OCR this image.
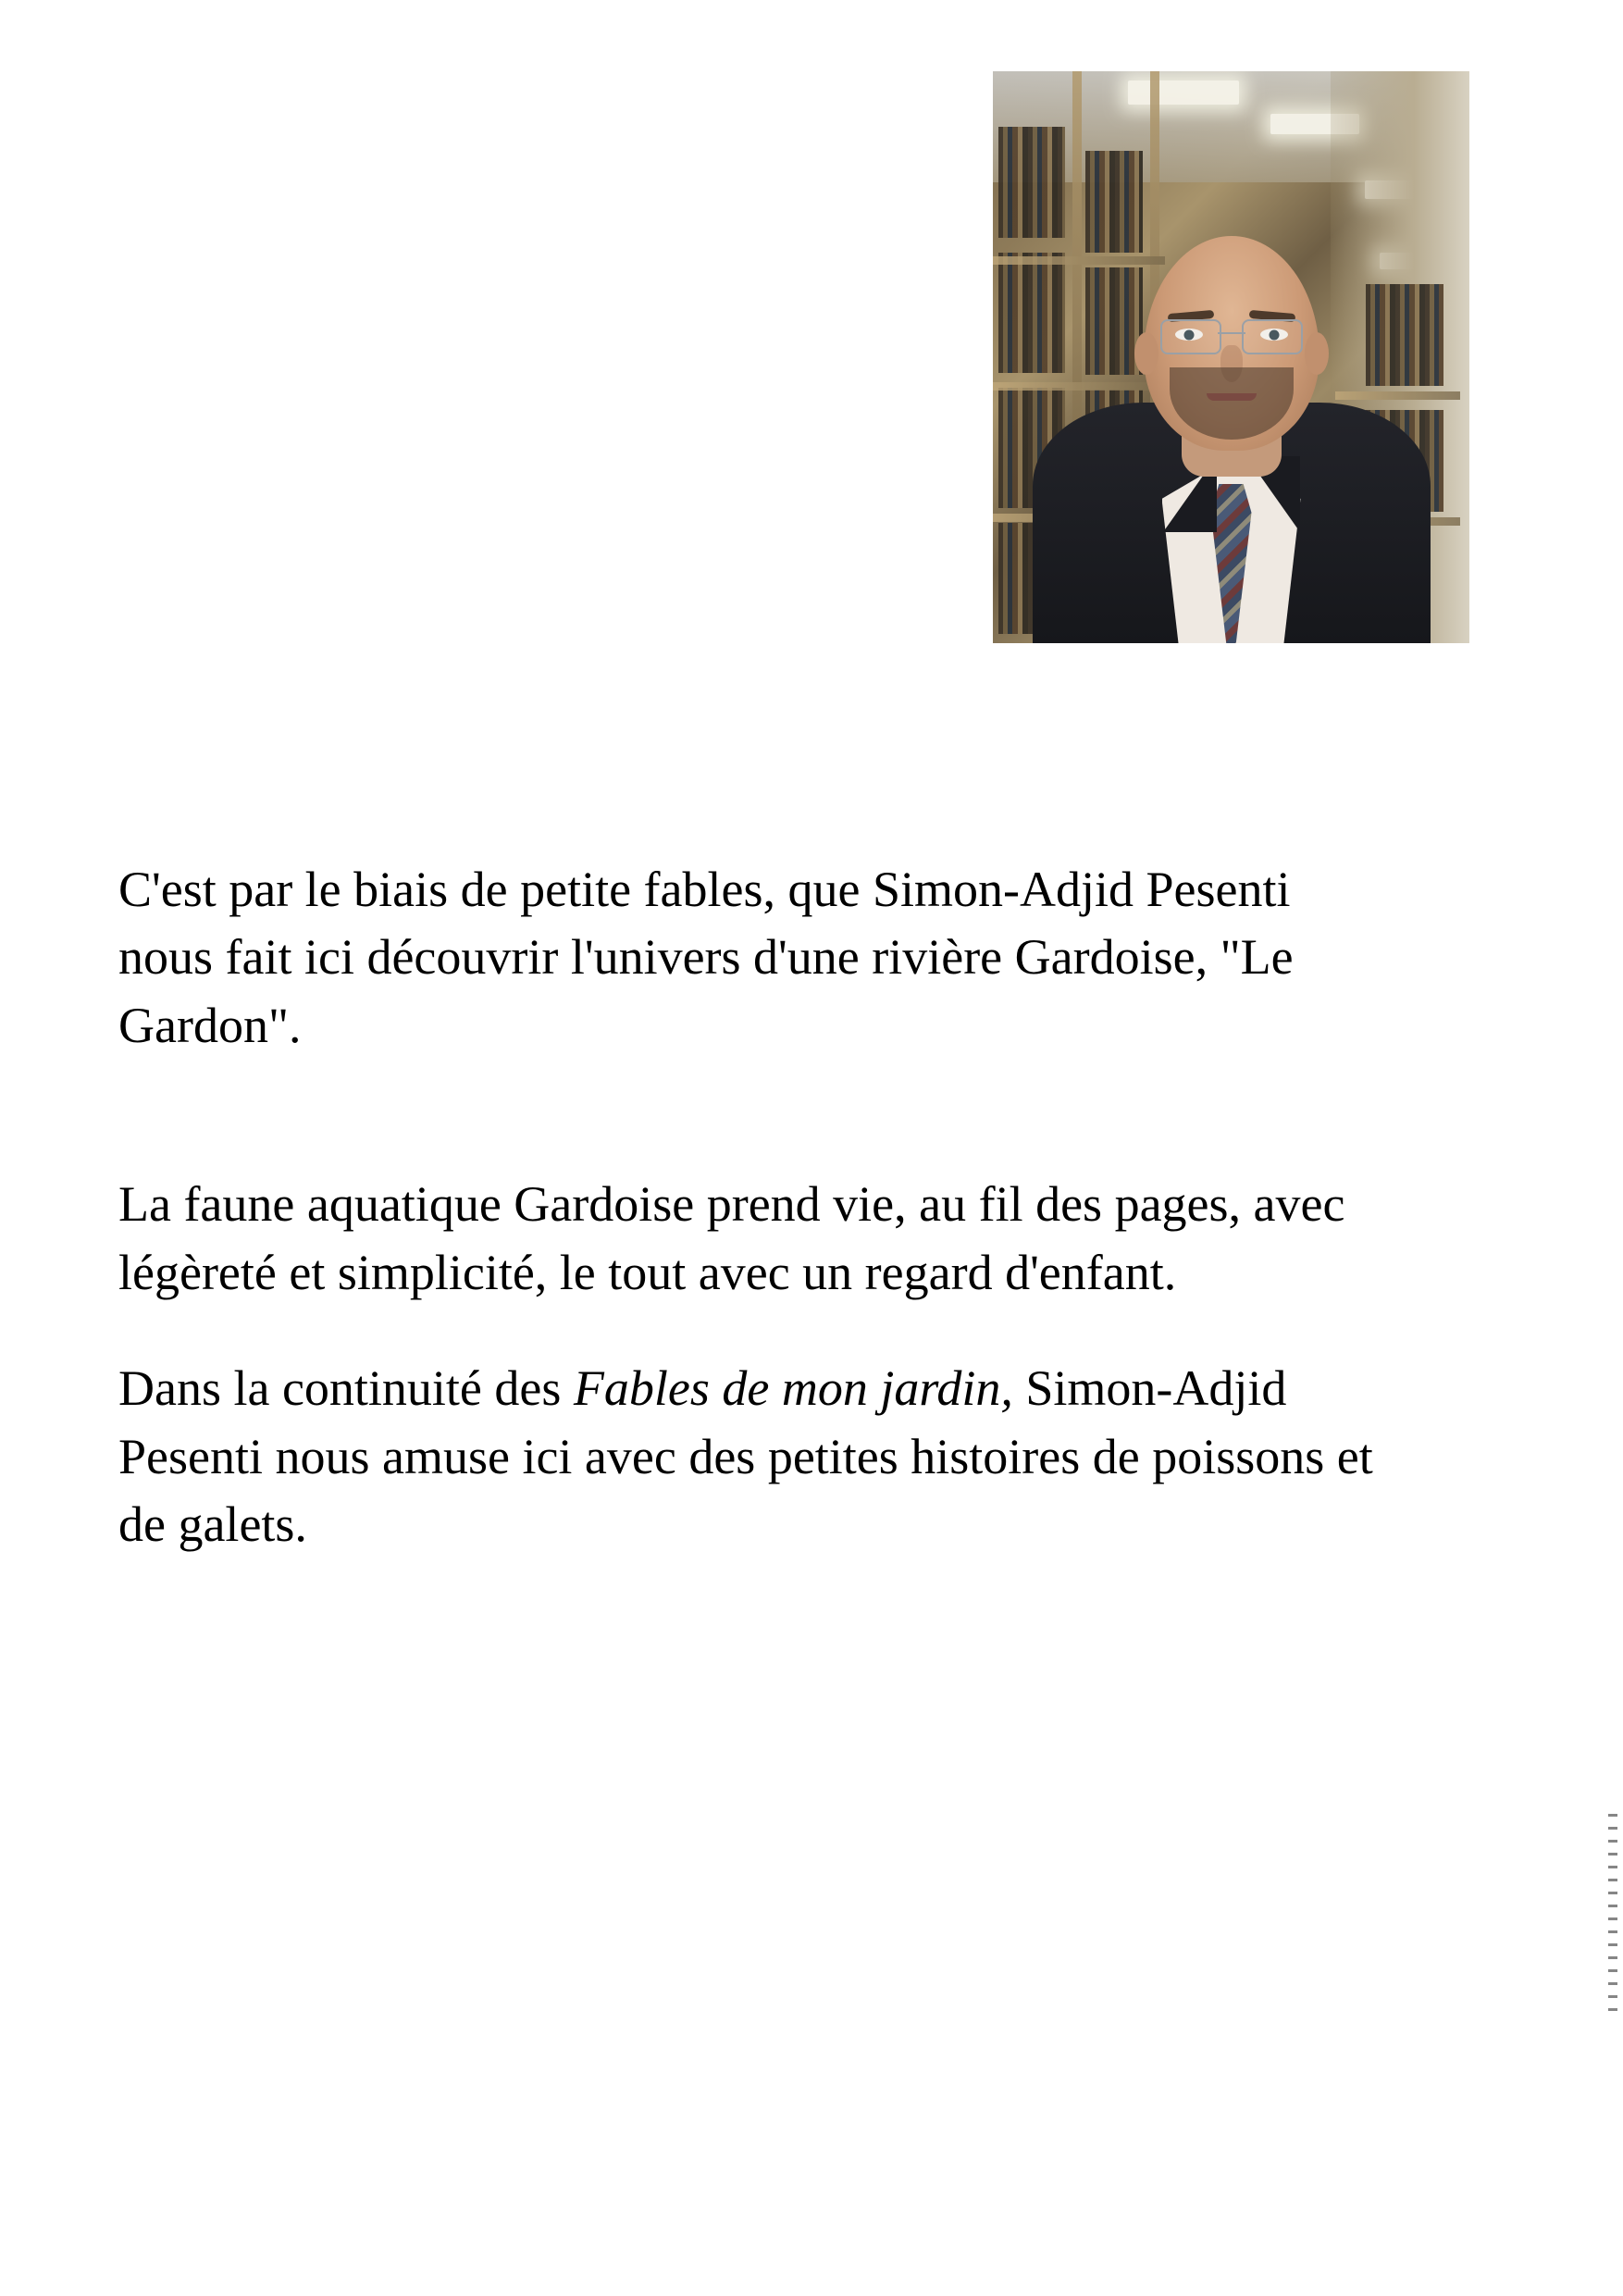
C'est par le biais de petite fables, que Simon-Adjid Pesenti nous fait ici découvrir l'univers d'une rivière Gardoise, "Le Gardon".

La faune aquatique Gardoise prend vie, au fil des pages, avec légèreté et simplicité, le tout avec un regard d'enfant.

Dans la continuité des Fables de mon jardin, Simon-Adjid Pesenti nous amuse ici avec des petites histoires de poissons et de galets.
